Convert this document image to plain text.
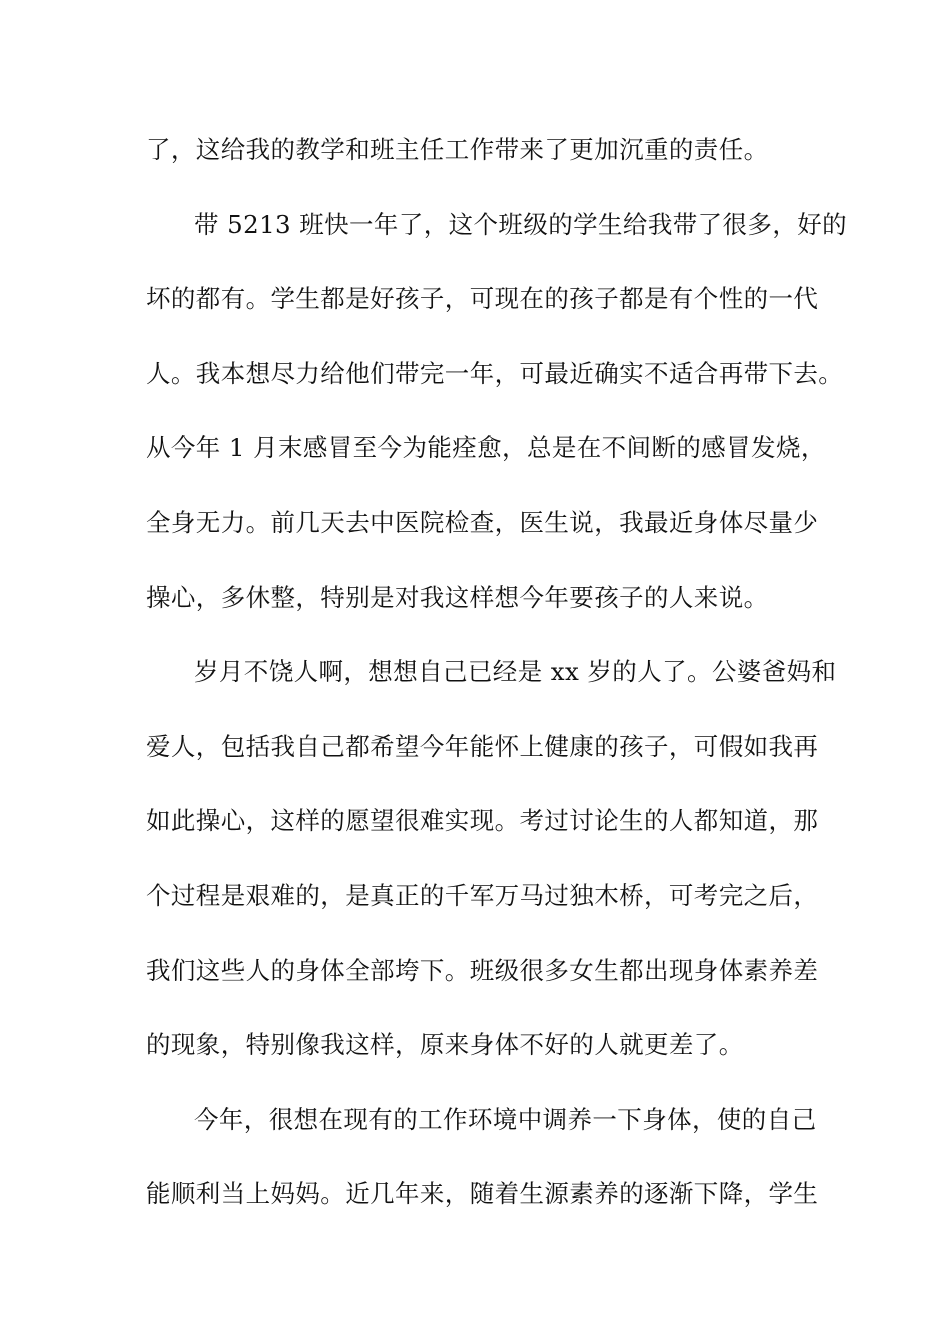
了，这给我的教学和班主任工作带来了更加沉重的责任。
带 5213 班快一年了，这个班级的学生给我带了很多，好的
坏的都有。学生都是好孩子，可现在的孩子都是有个性的一代
人。我本想尽力给他们带完一年，可最近确实不适合再带下去。
从今年 1 月末感冒至今为能痊愈，总是在不间断的感冒发烧，
全身无力。前几天去中医院检查，医生说，我最近身体尽量少
操心，多休整，特别是对我这样想今年要孩子的人来说。
岁月不饶人啊，想想自己已经是 xx 岁的人了。公婆爸妈和
爱人，包括我自己都希望今年能怀上健康的孩子，可假如我再
如此操心，这样的愿望很难实现。考过讨论生的人都知道，那
个过程是艰难的，是真正的千军万马过独木桥，可考完之后，
我们这些人的身体全部垮下。班级很多女生都出现身体素养差
的现象，特别像我这样，原来身体不好的人就更差了。
今年，很想在现有的工作环境中调养一下身体，使的自己
能顺利当上妈妈。近几年来，随着生源素养的逐渐下降，学生
